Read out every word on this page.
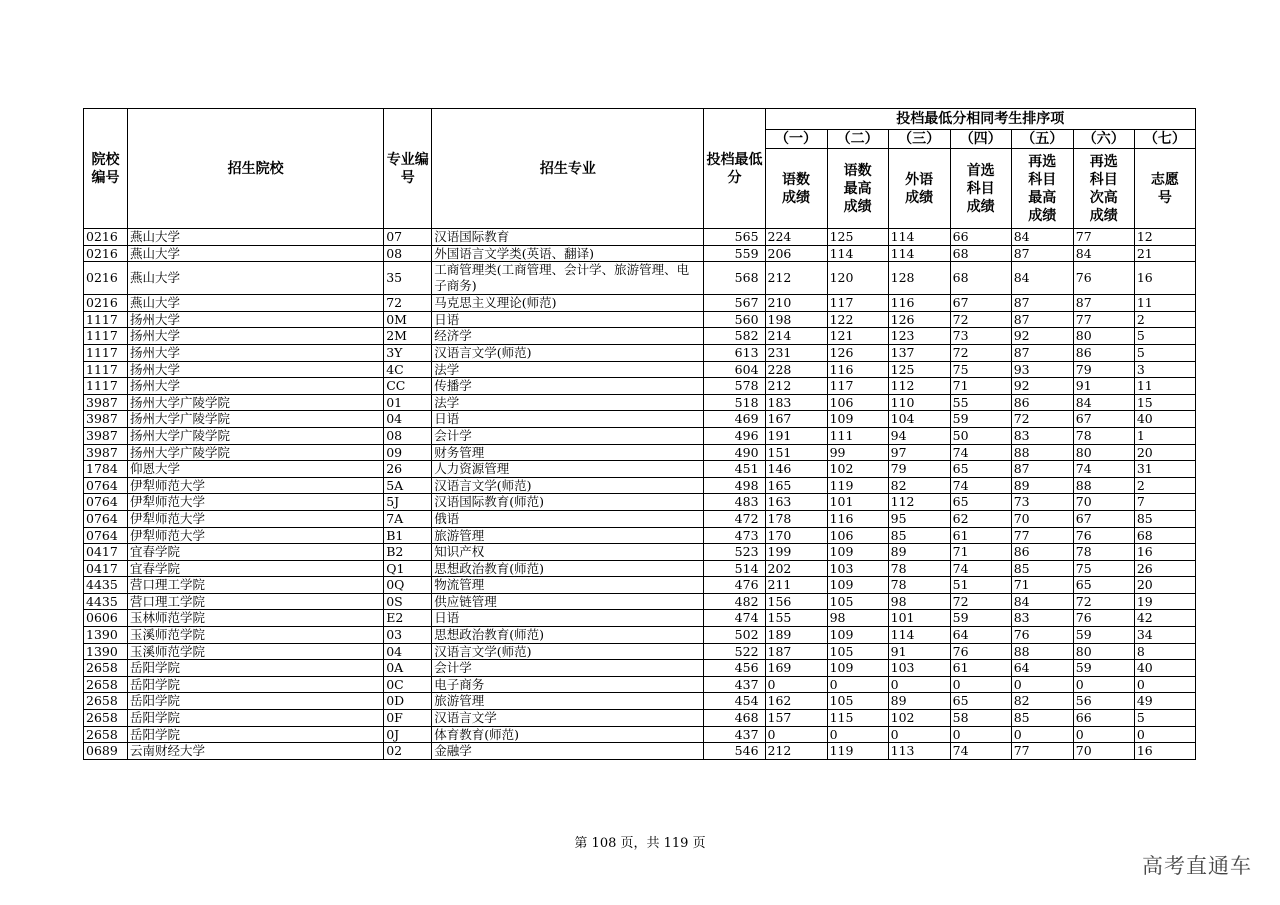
院校编号	招生院校	专业编号	招生专业	投档最低分	投档最低分相同考生排序项						
					（一）	（二）	（三）	（四）	（五）	（六）	（七）
					语数成绩	语数最高成绩	外语成绩	首选科目成绩	再选科目最高成绩	再选科目次高成绩	志愿号
0216	燕山大学	07	汉语国际教育	565	224	125	114	66	84	77	12
0216	燕山大学	08	外国语言文学类(英语、翻译)	559	206	114	114	68	87	84	21
0216	燕山大学	35	工商管理类(工商管理、会计学、旅游管理、电子商务)	568	212	120	128	68	84	76	16
0216	燕山大学	72	马克思主义理论(师范)	567	210	117	116	67	87	87	11
1117	扬州大学	0M	日语	560	198	122	126	72	87	77	2
1117	扬州大学	2M	经济学	582	214	121	123	73	92	80	5
1117	扬州大学	3Y	汉语言文学(师范)	613	231	126	137	72	87	86	5
1117	扬州大学	4C	法学	604	228	116	125	75	93	79	3
1117	扬州大学	CC	传播学	578	212	117	112	71	92	91	11
3987	扬州大学广陵学院	01	法学	518	183	106	110	55	86	84	15
3987	扬州大学广陵学院	04	日语	469	167	109	104	59	72	67	40
3987	扬州大学广陵学院	08	会计学	496	191	111	94	50	83	78	1
3987	扬州大学广陵学院	09	财务管理	490	151	99	97	74	88	80	20
1784	仰恩大学	26	人力资源管理	451	146	102	79	65	87	74	31
0764	伊犁师范大学	5A	汉语言文学(师范)	498	165	119	82	74	89	88	2
0764	伊犁师范大学	5J	汉语国际教育(师范)	483	163	101	112	65	73	70	7
0764	伊犁师范大学	7A	俄语	472	178	116	95	62	70	67	85
0764	伊犁师范大学	B1	旅游管理	473	170	106	85	61	77	76	68
0417	宜春学院	B2	知识产权	523	199	109	89	71	86	78	16
0417	宜春学院	Q1	思想政治教育(师范)	514	202	103	78	74	85	75	26
4435	营口理工学院	0Q	物流管理	476	211	109	78	51	71	65	20
4435	营口理工学院	0S	供应链管理	482	156	105	98	72	84	72	19
0606	玉林师范学院	E2	日语	474	155	98	101	59	83	76	42
1390	玉溪师范学院	03	思想政治教育(师范)	502	189	109	114	64	76	59	34
1390	玉溪师范学院	04	汉语言文学(师范)	522	187	105	91	76	88	80	8
2658	岳阳学院	0A	会计学	456	169	109	103	61	64	59	40
2658	岳阳学院	0C	电子商务	437	0	0	0	0	0	0	0
2658	岳阳学院	0D	旅游管理	454	162	105	89	65	82	56	49
2658	岳阳学院	0F	汉语言文学	468	157	115	102	58	85	66	5
2658	岳阳学院	0J	体育教育(师范)	437	0	0	0	0	0	0	0
0689	云南财经大学	02	金融学	546	212	119	113	74	77	70	16
第 108 页，共 119 页
高考直通车
